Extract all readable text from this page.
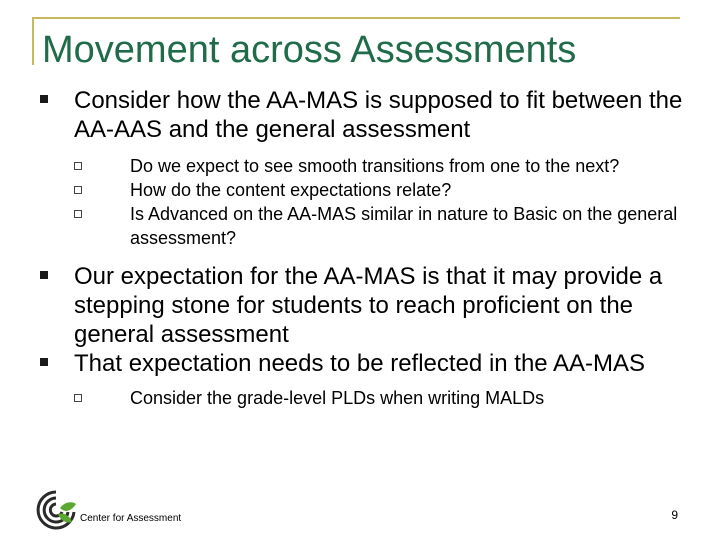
Movement across Assessments
Consider how the AA-MAS is supposed to fit between the AA-AAS and the general assessment
Do we expect to see smooth transitions from one to the next?
How do the content expectations relate?
Is Advanced on the AA-MAS similar in nature to Basic on the general assessment?
Our expectation for the AA-MAS is that it may provide a stepping stone for students to reach proficient on the general assessment
That expectation needs to be reflected in the AA-MAS
Consider the grade-level PLDs when writing MALDs
Center for Assessment	9
